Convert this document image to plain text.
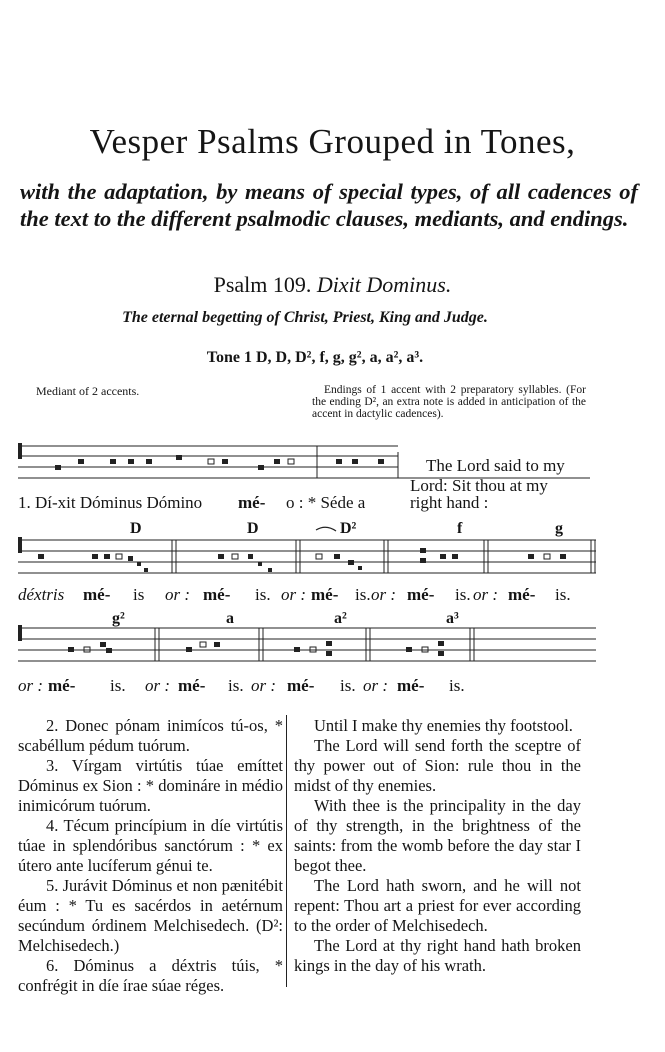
Vesper Psalms Grouped in Tones,
with the adaptation, by means of special types, of all cadences of the text to the different psalmodic clauses, mediants, and endings.
Psalm 109. Dixit Dominus.
The eternal begetting of Christ, Priest, King and Judge.
Tone 1 D, D, D², f, g, g², a, a², a³.
Mediant of 2 accents.	Endings of 1 accent with 2 preparatory syllables. (For the ending D², an extra note is added in anticipation of the accent in dactylic cadences).
D	D	D²	f	g
g²	a	a²	a³
1. Dí-xit Dóminus Dómino mé- o : * Séde a
The Lord said to my
Lord: Sit thou at my
right hand :
déxtris mé- is or : mé- is. or : mé- is. or : mé- is. or : mé- is.
or : mé- is. or : mé- is. or : mé- is. or : mé- is.

2. Donec pónam inimícos tú-os, * scabéllum pédum tuórum.

3. Vírgam virtútis túae emíttet Dóminus ex Sion : * domináre in médio inimicórum tuórum.

4. Técum princípium in díe virtútis túae in splendóribus sanctórum : * ex útero ante lucíferum génui te.

5. Jurávit Dóminus et non pænitébit éum : * Tu es sacérdos in aetérnum secúndum órdinem Melchisedech. (D²: Melchisedech.)

6. Dóminus a déxtris túis, * confrégit in díe írae súae réges.

Until I make thy enemies thy footstool.

The Lord will send forth the sceptre of thy power out of Sion: rule thou in the midst of thy enemies.

With thee is the principality in the day of thy strength, in the brightness of the saints: from the womb before the day star I begot thee.

The Lord hath sworn, and he will not repent: Thou art a priest for ever according to the order of Melchisedech.

The Lord at thy right hand hath broken kings in the day of his wrath.
